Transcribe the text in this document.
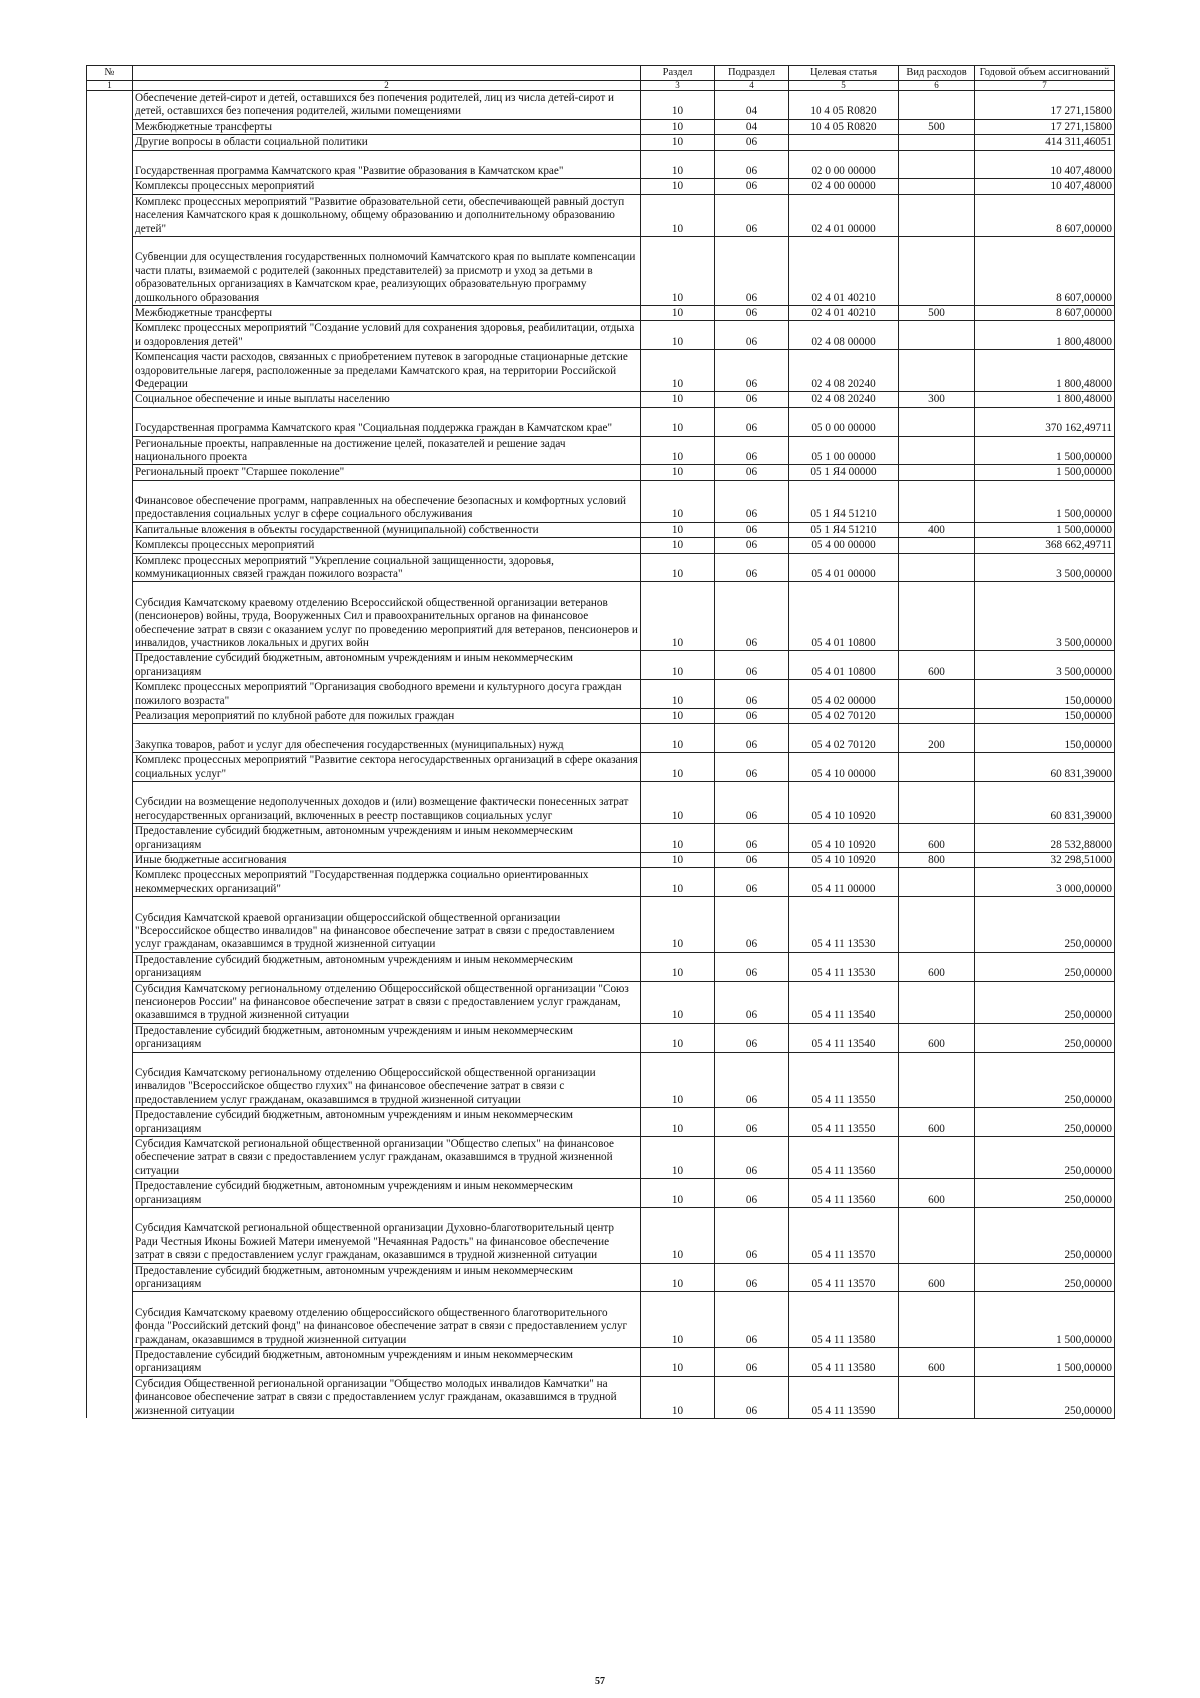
№		Раздел	Подраздел	Целевая статья	Вид расходов	Годовой объем ассигнований
1	2	3	4	5	6	7
	Обеспечение детей-сирот и детей, оставшихся без попечения родителей, лиц из числа детей-сирот и детей, оставшихся без попечения родителей, жилыми помещениями	10	04	10 4 05 R0820		17 271,15800
	Межбюджетные трансферты	10	04	10 4 05 R0820	500	17 271,15800
	Другие вопросы в области социальной политики	10	06			414 311,46051
	Государственная программа Камчатского края "Развитие образования в Камчатском крае"	10	06	02 0 00 00000		10 407,48000
	Комплексы процессных мероприятий	10	06	02 4 00 00000		10 407,48000
	Комплекс процессных мероприятий "Развитие образовательной сети, обеспечивающей равный доступ населения Камчатского края к дошкольному, общему образованию и дополнительному образованию детей"	10	06	02 4 01 00000		8 607,00000
	Субвенции для осуществления государственных полномочий Камчатского края по выплате компенсации части платы, взимаемой с родителей (законных представителей) за присмотр и уход за детьми в образовательных организациях в Камчатском крае, реализующих образовательную программу дошкольного образования	10	06	02 4 01 40210		8 607,00000
	Межбюджетные трансферты	10	06	02 4 01 40210	500	8 607,00000
	Комплекс процессных мероприятий "Создание условий для сохранения здоровья, реабилитации, отдыха и оздоровления детей"	10	06	02 4 08 00000		1 800,48000
	Компенсация части расходов, связанных с приобретением путевок в загородные стационарные детские оздоровительные лагеря, расположенные за пределами Камчатского края, на территории Российской Федерации	10	06	02 4 08 20240		1 800,48000
	Социальное обеспечение и иные выплаты населению	10	06	02 4 08 20240	300	1 800,48000
	Государственная программа Камчатского края "Социальная поддержка граждан в Камчатском крае"	10	06	05 0 00 00000		370 162,49711
	Региональные проекты, направленные на достижение целей, показателей и решение задач национального проекта	10	06	05 1 00 00000		1 500,00000
	Региональный проект "Старшее поколение"	10	06	05 1 Я4 00000		1 500,00000
	Финансовое обеспечение программ, направленных на обеспечение безопасных и комфортных условий предоставления социальных услуг в сфере социального обслуживания	10	06	05 1 Я4 51210		1 500,00000
	Капитальные вложения в объекты государственной (муниципальной) собственности	10	06	05 1 Я4 51210	400	1 500,00000
	Комплексы процессных мероприятий	10	06	05 4 00 00000		368 662,49711
	Комплекс процессных мероприятий "Укрепление социальной защищенности, здоровья, коммуникационных связей граждан пожилого возраста"	10	06	05 4 01 00000		3 500,00000
	Субсидия Камчатскому краевому отделению Всероссийской общественной организации ветеранов (пенсионеров) войны, труда, Вооруженных Сил и правоохранительных органов на финансовое обеспечение затрат в связи с оказанием услуг по проведению мероприятий для ветеранов, пенсионеров и инвалидов, участников локальных и других войн	10	06	05 4 01 10800		3 500,00000
	Предоставление субсидий бюджетным, автономным учреждениям и иным некоммерческим организациям	10	06	05 4 01 10800	600	3 500,00000
	Комплекс процессных мероприятий "Организация свободного времени и культурного досуга граждан пожилого возраста"	10	06	05 4 02 00000		150,00000
	Реализация мероприятий по клубной работе для пожилых граждан	10	06	05 4 02 70120		150,00000
	Закупка товаров, работ и услуг для обеспечения государственных (муниципальных) нужд	10	06	05 4 02 70120	200	150,00000
	Комплекс процессных мероприятий "Развитие сектора негосударственных организаций в сфере оказания социальных услуг"	10	06	05 4 10 00000		60 831,39000
	Субсидии на возмещение недополученных доходов и (или) возмещение фактически понесенных затрат негосударственных организаций, включенных в реестр поставщиков социальных услуг	10	06	05 4 10 10920		60 831,39000
	Предоставление субсидий бюджетным, автономным учреждениям и иным некоммерческим организациям	10	06	05 4 10 10920	600	28 532,88000
	Иные бюджетные ассигнования	10	06	05 4 10 10920	800	32 298,51000
	Комплекс процессных мероприятий "Государственная поддержка социально ориентированных некоммерческих организаций"	10	06	05 4 11 00000		3 000,00000
	Субсидия Камчатской краевой организации общероссийской общественной организации "Всероссийское общество инвалидов" на финансовое обеспечение затрат в связи с предоставлением услуг гражданам, оказавшимся в трудной жизненной ситуации	10	06	05 4 11 13530		250,00000
	Предоставление субсидий бюджетным, автономным учреждениям и иным некоммерческим организациям	10	06	05 4 11 13530	600	250,00000
	Субсидия Камчатскому региональному отделению Общероссийской общественной организации "Союз пенсионеров России" на финансовое обеспечение затрат в связи с предоставлением услуг гражданам, оказавшимся в трудной жизненной ситуации	10	06	05 4 11 13540		250,00000
	Предоставление субсидий бюджетным, автономным учреждениям и иным некоммерческим организациям	10	06	05 4 11 13540	600	250,00000
	Субсидия Камчатскому региональному отделению Общероссийской общественной организации инвалидов "Всероссийское общество глухих" на финансовое обеспечение затрат в связи с предоставлением услуг гражданам, оказавшимся в трудной жизненной ситуации	10	06	05 4 11 13550		250,00000
	Предоставление субсидий бюджетным, автономным учреждениям и иным некоммерческим организациям	10	06	05 4 11 13550	600	250,00000
	Субсидия Камчатской региональной общественной организации "Общество слепых" на финансовое обеспечение затрат в связи с предоставлением услуг гражданам, оказавшимся в трудной жизненной ситуации	10	06	05 4 11 13560		250,00000
	Предоставление субсидий бюджетным, автономным учреждениям и иным некоммерческим организациям	10	06	05 4 11 13560	600	250,00000
	Субсидия Камчатской региональной общественной организации Духовно-благотворительный центр Ради Честныя Иконы Божией Матери именуемой "Нечаянная Радость" на финансовое обеспечение затрат в связи с предоставлением услуг гражданам, оказавшимся в трудной жизненной ситуации	10	06	05 4 11 13570		250,00000
	Предоставление субсидий бюджетным, автономным учреждениям и иным некоммерческим организациям	10	06	05 4 11 13570	600	250,00000
	Субсидия Камчатскому краевому отделению общероссийского общественного благотворительного фонда "Российский детский фонд" на финансовое обеспечение затрат в связи с предоставлением услуг гражданам, оказавшимся в трудной жизненной ситуации	10	06	05 4 11 13580		1 500,00000
	Предоставление субсидий бюджетным, автономным учреждениям и иным некоммерческим организациям	10	06	05 4 11 13580	600	1 500,00000
	Субсидия Общественной региональной организации "Общество молодых инвалидов Камчатки" на финансовое обеспечение затрат в связи с предоставлением услуг гражданам, оказавшимся в трудной жизненной ситуации	10	06	05 4 11 13590		250,00000
57
